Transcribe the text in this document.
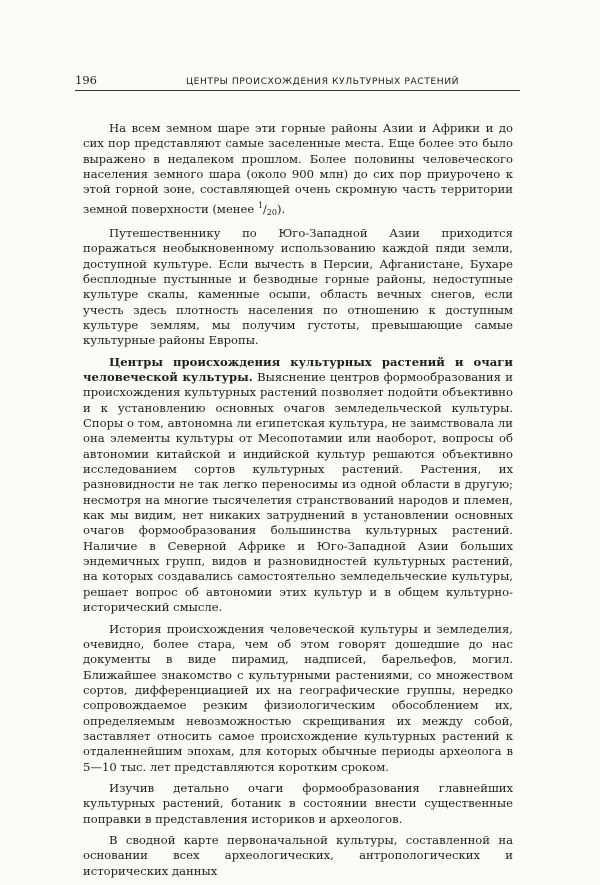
196	ЦЕНТРЫ ПРОИСХОЖДЕНИЯ КУЛЬТУРНЫХ РАСТЕНИЙ

На всем земном шаре эти горные районы Азии и Африки и до сих пор представляют самые заселенные места. Еще более это было выражено в недалеком прошлом. Более половины человеческого населения земного шара (около 900 млн) до сих пор приурочено к этой горной зоне, составляющей очень скромную часть территории земной поверхности (менее $^1$/20).

Путешественнику по Юго-Западной Азии приходится поражаться необыкновенному использованию каждой пяди земли, доступной культуре. Если вычесть в Персии, Афганистане, Бухаре бесплодные пустынные и безводные горные районы, недоступные культуре скалы, каменные осыпи, область вечных снегов, если учесть здесь плотность населения по отношению к доступным культуре землям, мы получим густоты, превышающие самые культурные районы Европы.

Центры происхождения культурных растений и очаги человеческой культуры. Выяснение центров формообразования и происхождения культурных растений позволяет подойти объективно и к установлению основных очагов земледельческой культуры. Споры о том, автономна ли египетская культура, не заимствовала ли она элементы культуры от Месопотамии или наоборот, вопросы об автономии китайской и индийской культур решаются объективно исследованием сортов культурных растений. Растения, их разновидности не так легко переносимы из одной области в другую; несмотря на многие тысячелетия странствований народов и племен, как мы видим, нет никаких затруднений в установлении основных очагов формообразования большинства культурных растений. Наличие в Северной Африке и Юго-Западной Азии больших эндемичных групп, видов и разновидностей культурных растений, на которых создавались самостоятельно земледельческие культуры, решает вопрос об автономии этих культур и в общем культурно-исторический смысле.

История происхождения человеческой культуры и земледелия, очевидно, более стара, чем об этом говорят дошедшие до нас документы в виде пирамид, надписей, барельефов, могил. Ближайшее знакомство с культурными растениями, со множеством сортов, дифференциацией их на географические группы, нередко сопровождаемое резким физиологическим обособлением их, определяемым невозможностью скрещивания их между собой, заставляет относить самое происхождение культурных растений к отдаленнейшим эпохам, для которых обычные периоды археолога в 5—10 тыс. лет представляются коротким сроком.

Изучив детально очаги формообразования главнейших культурных растений, ботаник в состоянии внести существенные поправки в представления историков и археологов.

В сводной карте первоначальной культуры, составленной на основании всех археологических, антропологических и исторических данных
